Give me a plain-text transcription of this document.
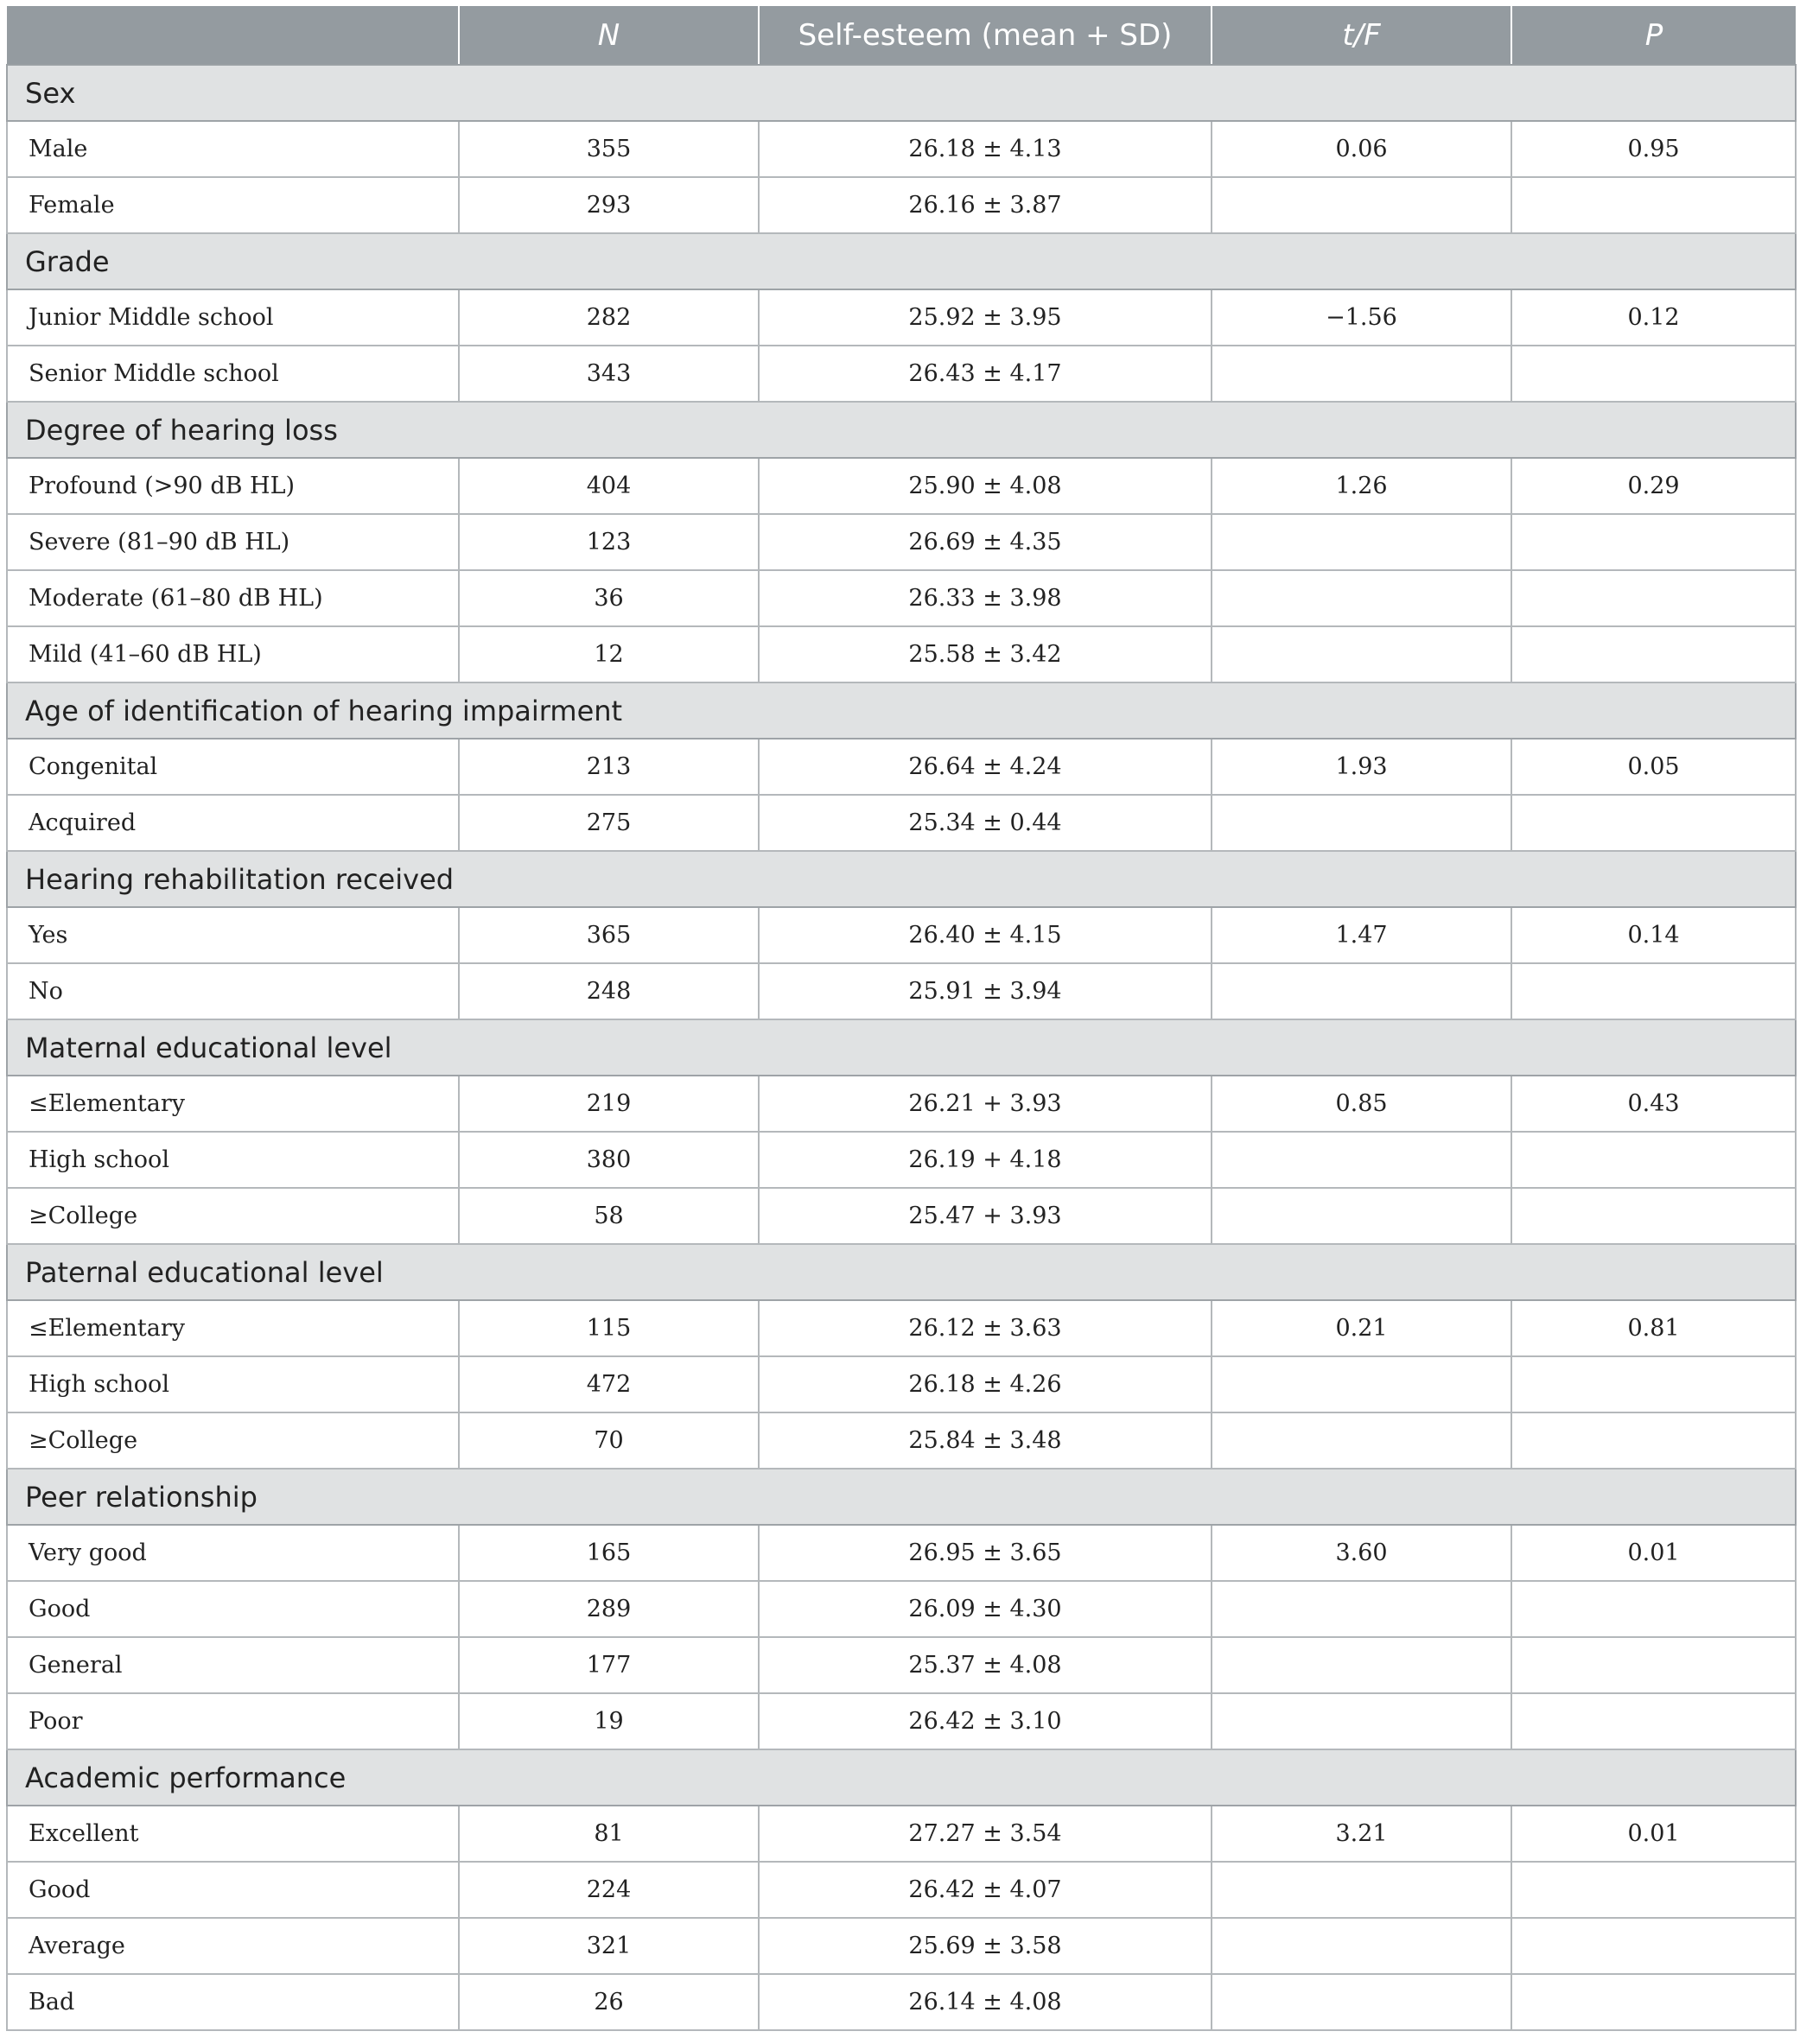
	N	Self-esteem (mean + SD)	t/F	P
Sex				
Male	355	26.18 ± 4.13	0.06	0.95
Female	293	26.16 ± 3.87		
Grade				
Junior Middle school	282	25.92 ± 3.95	−1.56	0.12
Senior Middle school	343	26.43 ± 4.17		
Degree of hearing loss				
Profound (>90 dB HL)	404	25.90 ± 4.08	1.26	0.29
Severe (81–90 dB HL)	123	26.69 ± 4.35		
Moderate (61–80 dB HL)	36	26.33 ± 3.98		
Mild (41–60 dB HL)	12	25.58 ± 3.42		
Age of identification of hearing impairment				
Congenital	213	26.64 ± 4.24	1.93	0.05
Acquired	275	25.34 ± 0.44		
Hearing rehabilitation received				
Yes	365	26.40 ± 4.15	1.47	0.14
No	248	25.91 ± 3.94		
Maternal educational level				
≤Elementary	219	26.21 + 3.93	0.85	0.43
High school	380	26.19 + 4.18		
≥College	58	25.47 + 3.93		
Paternal educational level				
≤Elementary	115	26.12 ± 3.63	0.21	0.81
High school	472	26.18 ± 4.26		
≥College	70	25.84 ± 3.48		
Peer relationship				
Very good	165	26.95 ± 3.65	3.60	0.01
Good	289	26.09 ± 4.30		
General	177	25.37 ± 4.08		
Poor	19	26.42 ± 3.10		
Academic performance				
Excellent	81	27.27 ± 3.54	3.21	0.01
Good	224	26.42 ± 4.07		
Average	321	25.69 ± 3.58		
Bad	26	26.14 ± 4.08		
